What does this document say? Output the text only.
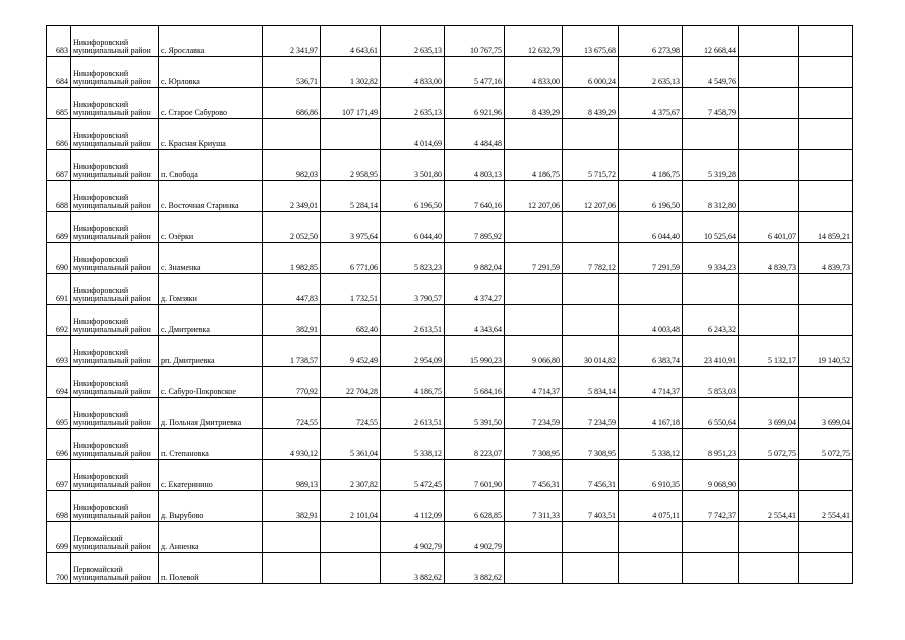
683	Никифоровский муниципальный район	с. Ярославка	2 341,97	4 643,61	2 635,13	10 767,75	12 632,79	13 675,68	6 273,98	12 668,44		
684	Никифоровский муниципальный район	с. Юрловка	536,71	1 302,82	4 833,00	5 477,16	4 833,00	6 000,24	2 635,13	4 549,76		
685	Никифоровский муниципальный район	с. Старое Сабурово	686,86	107 171,49	2 635,13	6 921,96	8 439,29	8 439,29	4 375,67	7 458,79		
686	Никифоровский муниципальный район	с. Красная Криуша			4 014,69	4 484,48						
687	Никифоровский муниципальный район	п. Свобода	982,03	2 958,95	3 501,80	4 803,13	4 186,75	5 715,72	4 186,75	5 319,28		
688	Никифоровский муниципальный район	с. Восточная Старинка	2 349,01	5 284,14	6 196,50	7 640,16	12 207,06	12 207,06	6 196,50	8 312,80		
689	Никифоровский муниципальный район	с. Озёрки	2 052,50	3 975,64	6 044,40	7 895,92			6 044,40	10 525,64	6 401,07	14 859,21
690	Никифоровский муниципальный район	с. Знаменка	1 982,85	6 771,06	5 823,23	9 882,04	7 291,59	7 782,12	7 291,59	9 334,23	4 839,73	4 839,73
691	Никифоровский муниципальный район	д. Гомзяки	447,83	1 732,51	3 790,57	4 374,27						
692	Никифоровский муниципальный район	с. Дмитриевка	382,91	682,40	2 613,51	4 343,64			4 003,48	6 243,32		
693	Никифоровский муниципальный район	рп. Дмитриевка	1 738,57	9 452,49	2 954,09	15 990,23	9 066,80	30 014,82	6 383,74	23 410,91	5 132,17	19 140,52
694	Никифоровский муниципальный район	с. Сабуро-Покровское	770,92	22 704,28	4 186,75	5 684,16	4 714,37	5 834,14	4 714,37	5 853,03		
695	Никифоровский муниципальный район	д. Польная Дмитриевка	724,55	724,55	2 613,51	5 391,50	7 234,59	7 234,59	4 167,18	6 550,64	3 699,04	3 699,04
696	Никифоровский муниципальный район	п. Степановка	4 930,12	5 361,04	5 338,12	8 223,07	7 308,95	7 308,95	5 338,12	8 951,23	5 072,75	5 072,75
697	Никифоровский муниципальный район	с. Екатеринино	989,13	2 307,82	5 472,45	7 601,90	7 456,31	7 456,31	6 910,35	9 068,90		
698	Никифоровский муниципальный район	д. Вырубово	382,91	2 101,04	4 112,09	6 628,85	7 311,33	7 403,51	4 075,11	7 742,37	2 554,41	2 554,41
699	Первомайский муниципальный район	д. Анненка			4 902,79	4 902,79						
700	Первомайский муниципальный район	п. Полевой			3 882,62	3 882,62						
